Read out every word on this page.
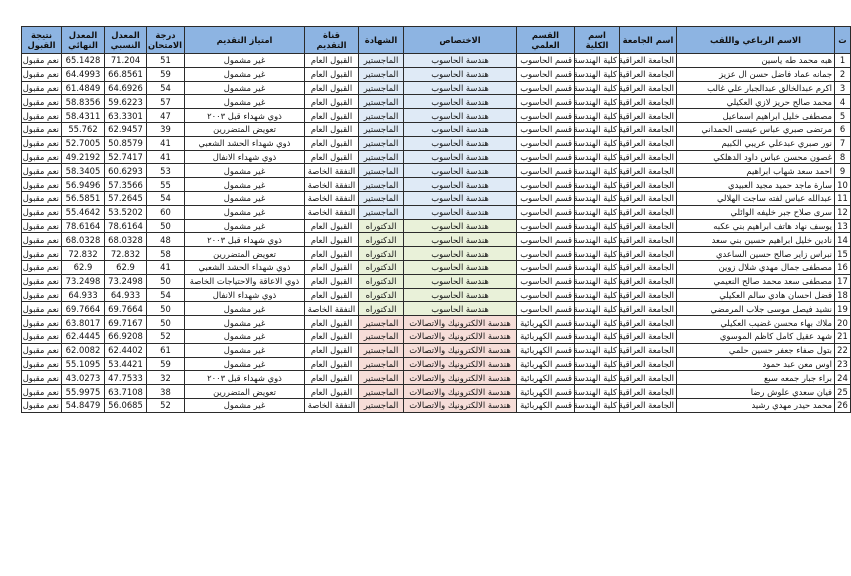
ت	الاسم الرباعي واللقب	اسم الجامعة	اسم الكلية	القسم العلمي	الاختصاص	الشهادة	قناة التقديم	امتياز التقديم	درجة الامتحان	المعدل النسبي	المعدل النهائي	نتيجة القبول
1	هبه محمد طه ياسين	الجامعة العراقية	كلية الهندسة	قسم الحاسوب	هندسة الحاسوب	الماجستير	القبول العام	غير مشمول	51	71.204	65.1428	نعم مقبول
2	جمانه عماد فاضل حسن ال عزيز	الجامعة العراقية	كلية الهندسة	قسم الحاسوب	هندسة الحاسوب	الماجستير	القبول العام	غير مشمول	59	66.8561	64.4993	نعم مقبول
3	اكرم عبدالخالق عبدالجبار علي غالب	الجامعة العراقية	كلية الهندسة	قسم الحاسوب	هندسة الحاسوب	الماجستير	القبول العام	غير مشمول	54	64.6926	61.4849	نعم مقبول
4	محمد صالح حريز لازي العكيلي	الجامعة العراقية	كلية الهندسة	قسم الحاسوب	هندسة الحاسوب	الماجستير	القبول العام	غير مشمول	57	59.6223	58.8356	نعم مقبول
5	مصطفى خليل ابراهيم اسماعيل	الجامعة العراقية	كلية الهندسة	قسم الحاسوب	هندسة الحاسوب	الماجستير	القبول العام	ذوي شهداء قبل ٢٠٠٣	47	63.3301	58.4311	نعم مقبول
6	مرتضى صبري عباس عيسى الحمداني	الجامعة العراقية	كلية الهندسة	قسم الحاسوب	هندسة الحاسوب	الماجستير	القبول العام	تعويض المتضررين	39	62.9457	55.762	نعم مقبول
7	نور صبري عبدعلي عريبي الكبيم	الجامعة العراقية	كلية الهندسة	قسم الحاسوب	هندسة الحاسوب	الماجستير	القبول العام	ذوي شهداء الحشد الشعبي	41	50.8579	52.7005	نعم مقبول
8	غصون محسن عباس داود الدهلكي	الجامعة العراقية	كلية الهندسة	قسم الحاسوب	هندسة الحاسوب	الماجستير	القبول العام	ذوي شهداء الانفال	41	52.7417	49.2192	نعم مقبول
9	احمد سعد شهاب ابراهيم	الجامعة العراقية	كلية الهندسة	قسم الحاسوب	هندسة الحاسوب	الماجستير	النفقة الخاصة	غير مشمول	53	60.6293	58.3405	نعم مقبول
10	سارة ماجد حميد مجيد العبيدي	الجامعة العراقية	كلية الهندسة	قسم الحاسوب	هندسة الحاسوب	الماجستير	النفقة الخاصة	غير مشمول	55	57.3566	56.9496	نعم مقبول
11	عبدالله عباس لفته ساجت الهلالي	الجامعة العراقية	كلية الهندسة	قسم الحاسوب	هندسة الحاسوب	الماجستير	النفقة الخاصة	غير مشمول	54	57.2645	56.5851	نعم مقبول
12	سرى صلاح جبر خليفه الوائلي	الجامعة العراقية	كلية الهندسة	قسم الحاسوب	هندسة الحاسوب	الماجستير	النفقة الخاصة	غير مشمول	60	53.5202	55.4642	نعم مقبول
13	يوسف نهاد هاتف ابراهيم بني عكبه	الجامعة العراقية	كلية الهندسة	قسم الحاسوب	هندسة الحاسوب	الدكتوراه	القبول العام	غير مشمول	50	78.6164	78.6164	نعم مقبول
14	نادين خليل ابراهيم حسين بني سعد	الجامعة العراقية	كلية الهندسة	قسم الحاسوب	هندسة الحاسوب	الدكتوراه	القبول العام	ذوي شهداء قبل ٢٠٠٣	48	68.0328	68.0328	نعم مقبول
15	نبراس زاير صالح حسين الساعدي	الجامعة العراقية	كلية الهندسة	قسم الحاسوب	هندسة الحاسوب	الدكتوراه	القبول العام	تعويض المتضررين	58	72.832	72.832	نعم مقبول
16	مصطفى جمال مهدي شلال زوين	الجامعة العراقية	كلية الهندسة	قسم الحاسوب	هندسة الحاسوب	الدكتوراه	القبول العام	ذوي شهداء الحشد الشعبي	41	62.9	62.9	نعم مقبول
17	مصطفى سعد محمد صالح النعيمي	الجامعة العراقية	كلية الهندسة	قسم الحاسوب	هندسة الحاسوب	الدكتوراه	القبول العام	ذوي الاعاقة والاحتياجات الخاصة	50	73.2498	73.2498	نعم مقبول
18	فضل احسان هادي سالم العكيلي	الجامعة العراقية	كلية الهندسة	قسم الحاسوب	هندسة الحاسوب	الدكتوراه	القبول العام	ذوي شهداء الانفال	54	64.933	64.933	نعم مقبول
19	نشيد فيصل موسى جلاب المرمضي	الجامعة العراقية	كلية الهندسة	قسم الحاسوب	هندسة الحاسوب	الدكتوراه	النفقة الخاصة	غير مشمول	50	69.7664	69.7664	نعم مقبول
20	ملاك بهاء محسن غضيب العكيلي	الجامعة العراقية	كلية الهندسة	قسم الكهربائية	هندسة الالكترونيك والاتصالات	الماجستير	القبول العام	غير مشمول	50	69.7167	63.8017	نعم مقبول
21	شهد عقيل كامل كاظم الموسوي	الجامعة العراقية	كلية الهندسة	قسم الكهربائية	هندسة الالكترونيك والاتصالات	الماجستير	القبول العام	غير مشمول	52	66.9208	62.4445	نعم مقبول
22	بتول صفاء جعفر حسين حلمي	الجامعة العراقية	كلية الهندسة	قسم الكهربائية	هندسة الالكترونيك والاتصالات	الماجستير	القبول العام	غير مشمول	61	62.4402	62.0082	نعم مقبول
23	اوس معن عبد حمود	الجامعة العراقية	كلية الهندسة	قسم الكهربائية	هندسة الالكترونيك والاتصالات	الماجستير	القبول العام	غير مشمول	59	53.4421	55.1095	نعم مقبول
24	براء جبار جمعه سبع	الجامعة العراقية	كلية الهندسة	قسم الكهربائية	هندسة الالكترونيك والاتصالات	الماجستير	القبول العام	ذوي شهداء قبل ٢٠٠٣	32	47.7533	43.0273	نعم مقبول
25	فيان سعدي علوش رضا	الجامعة العراقية	كلية الهندسة	قسم الكهربائية	هندسة الالكترونيك والاتصالات	الماجستير	القبول العام	تعويض المتضررين	38	63.7108	55.9975	نعم مقبول
26	محمد حيدر مهدي رشيد	الجامعة العراقية	كلية الهندسة	قسم الكهربائية	هندسة الالكترونيك والاتصالات	الماجستير	النفقة الخاصة	غير مشمول	52	56.0685	54.8479	نعم مقبول
